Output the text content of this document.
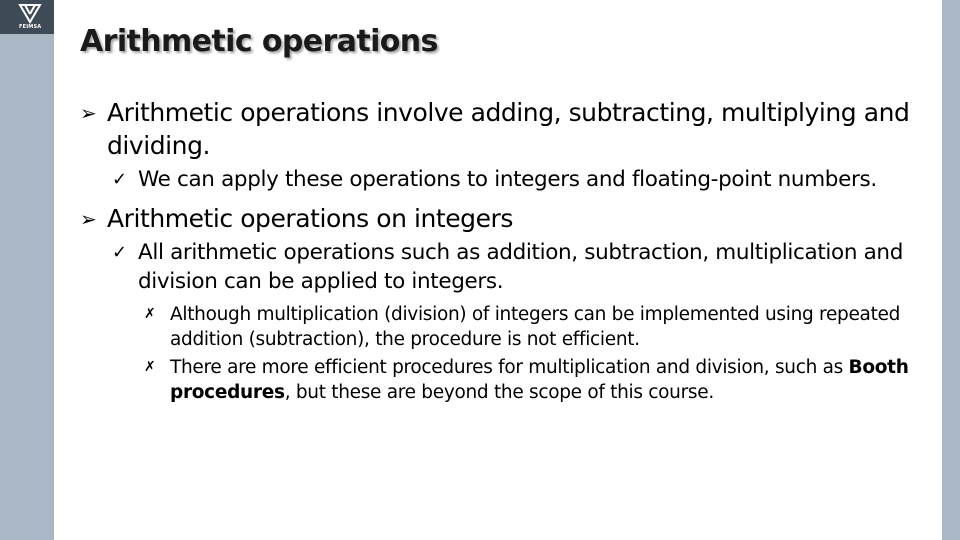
FEIMSA Arithmetic operations
➢ Arithmetic operations involve adding, subtracting, multiplying and dividing.
✓ We can apply these operations to integers and floating-point numbers.
➢ Arithmetic operations on integers
✓ All arithmetic operations such as addition, subtraction, multiplication and division can be applied to integers.
✗ Although multiplication (division) of integers can be implemented using repeated addition (subtraction), the procedure is not efficient.
✗ There are more efficient procedures for multiplication and division, such as Booth procedures, but these are beyond the scope of this course.
